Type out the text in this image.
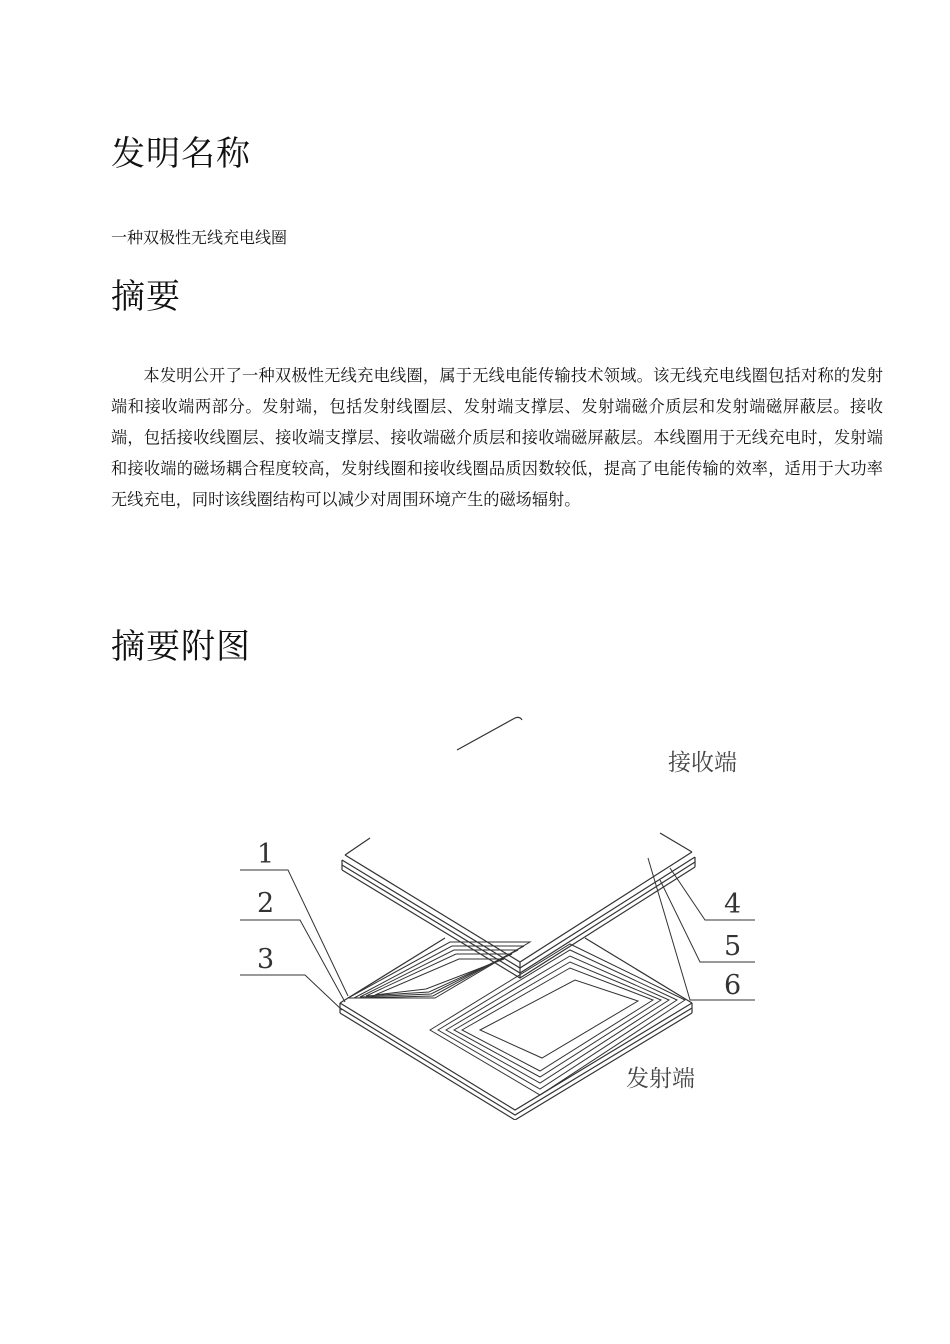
发明名称
一种双极性无线充电线圈
摘要

本发明公开了一种双极性无线充电线圈，属于无线电能传输技术领域。该无线充电线圈包括对称的发射端和接收端两部分。发射端，包括发射线圈层、发射端支撑层、发射端磁介质层和发射端磁屏蔽层。接收端，包括接收线圈层、接收端支撑层、接收端磁介质层和接收端磁屏蔽层。本线圈用于无线充电时，发射端和接收端的磁场耦合程度较高，发射线圈和接收线圈品质因数较低，提高了电能传输的效率，适用于大功率无线充电，同时该线圈结构可以减少对周围环境产生的磁场辐射。

摘要附图
接收端
发射端
1
2
3
4
5
6
